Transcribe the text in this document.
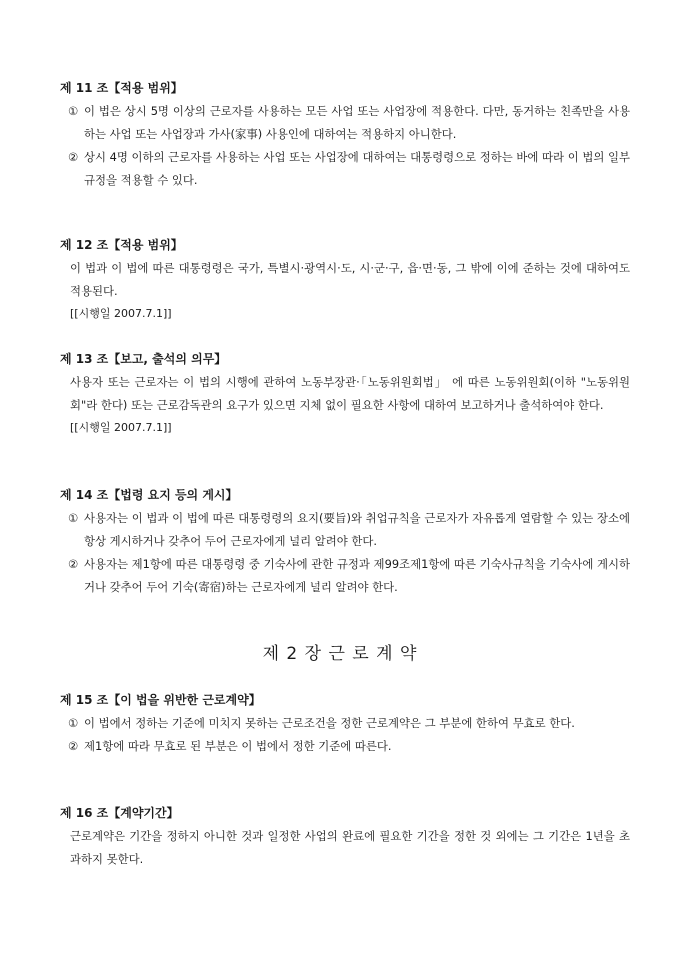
제 11 조【적용 범위】
① 이 법은 상시 5명 이상의 근로자를 사용하는 모든 사업 또는 사업장에 적용한다. 다만, 동거하는 친족만을 사용하는 사업 또는 사업장과 가사(家事) 사용인에 대하여는 적용하지 아니한다.
② 상시 4명 이하의 근로자를 사용하는 사업 또는 사업장에 대하여는 대통령령으로 정하는 바에 따라 이 법의 일부 규정을 적용할 수 있다.
제 12 조【적용 범위】
이 법과 이 법에 따른 대통령령은 국가, 특별시·광역시·도, 시·군·구, 읍·면·동, 그 밖에 이에 준하는 것에 대하여도 적용된다.
[[시행일 2007.7.1]]
제 13 조【보고, 출석의 의무】
사용자 또는 근로자는 이 법의 시행에 관하여 노동부장관·「노동위원회법」 에 따른 노동위원회(이하 "노동위원회"라 한다) 또는 근로감독관의 요구가 있으면 지체 없이 필요한 사항에 대하여 보고하거나 출석하여야 한다.
[[시행일 2007.7.1]]
제 14 조【법령 요지 등의 게시】
① 사용자는 이 법과 이 법에 따른 대통령령의 요지(要旨)와 취업규칙을 근로자가 자유롭게 열람할 수 있는 장소에 항상 게시하거나 갖추어 두어 근로자에게 널리 알려야 한다.
② 사용자는 제1항에 따른 대통령령 중 기숙사에 관한 규정과 제99조제1항에 따른 기숙사규칙을 기숙사에 게시하거나 갖추어 두어 기숙(寄宿)하는 근로자에게 널리 알려야 한다.
제 2 장 근 로 계 약
제 15 조【이 법을 위반한 근로계약】
① 이 법에서 정하는 기준에 미치지 못하는 근로조건을 정한 근로계약은 그 부분에 한하여 무효로 한다.
② 제1항에 따라 무효로 된 부분은 이 법에서 정한 기준에 따른다.
제 16 조【계약기간】
근로계약은 기간을 정하지 아니한 것과 일정한 사업의 완료에 필요한 기간을 정한 것 외에는 그 기간은 1년을 초과하지 못한다.
